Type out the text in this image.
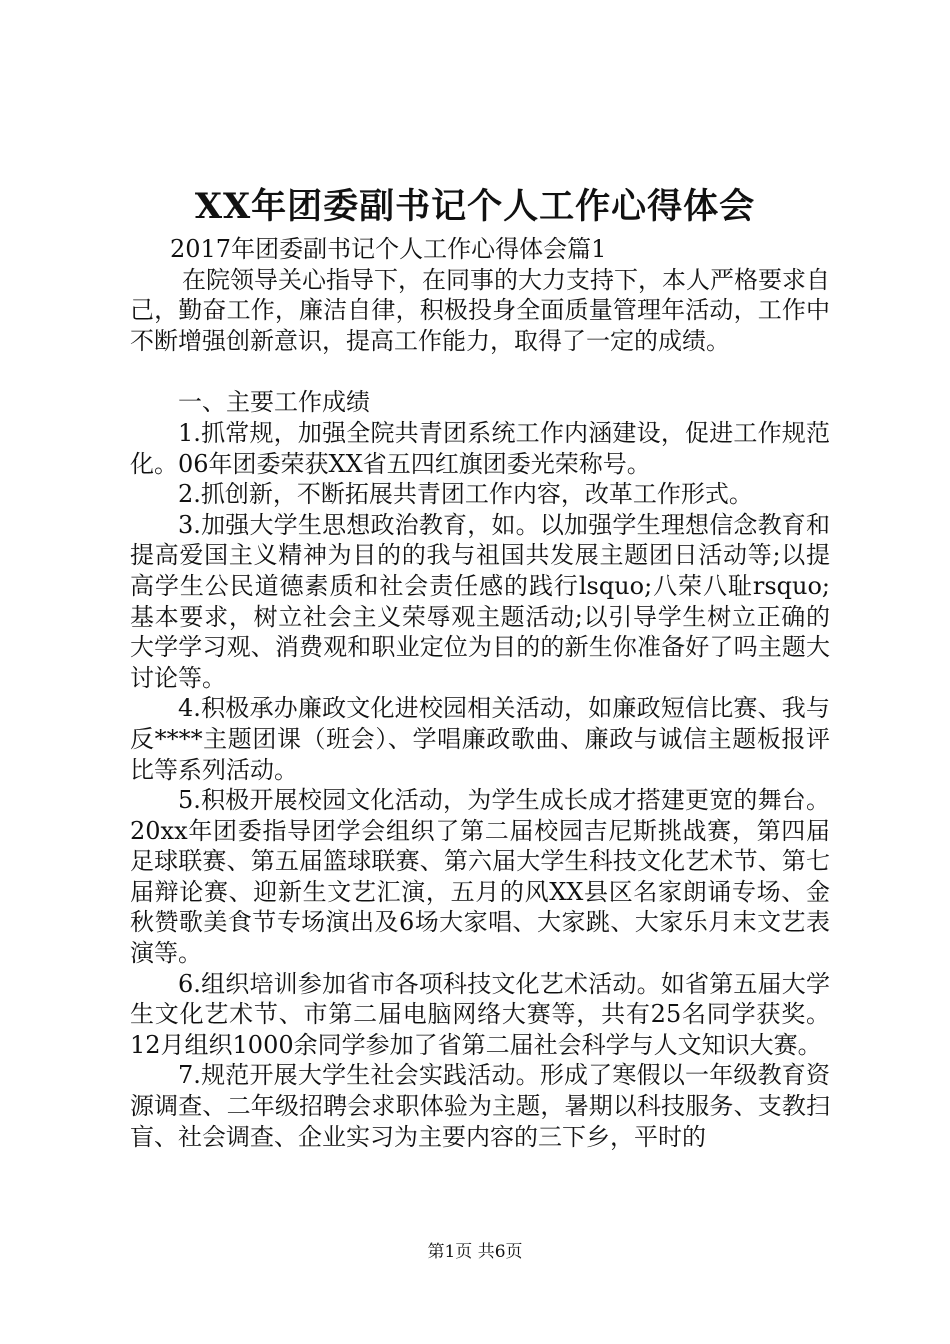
XX年团委副书记个人工作心得体会

2017年团委副书记个人工作心得体会篇1

在院领导关心指导下，在同事的大力支持下，本人严格要求自己，勤奋工作，廉洁自律，积极投身全面质量管理年活动，工作中不断增强创新意识，提高工作能力，取得了一定的成绩。

一、主要工作成绩

1.抓常规，加强全院共青团系统工作内涵建设，促进工作规范化。06年团委荣获XX省五四红旗团委光荣称号。

2.抓创新，不断拓展共青团工作内容，改革工作形式。

3.加强大学生思想政治教育，如。以加强学生理想信念教育和提高爱国主义精神为目的的我与祖国共发展主题团日活动等;以提高学生公民道德素质和社会责任感的践行lsquo;八荣八耻rsquo;基本要求，树立社会主义荣辱观主题活动;以引导学生树立正确的大学学习观、消费观和职业定位为目的的新生你准备好了吗主题大讨论等。

4.积极承办廉政文化进校园相关活动，如廉政短信比赛、我与反****主题团课（班会）、学唱廉政歌曲、廉政与诚信主题板报评比等系列活动。

5.积极开展校园文化活动，为学生成长成才搭建更宽的舞台。20xx年团委指导团学会组织了第二届校园吉尼斯挑战赛，第四届足球联赛、第五届篮球联赛、第六届大学生科技文化艺术节、第七届辩论赛、迎新生文艺汇演，五月的风XX县区名家朗诵专场、金秋赞歌美食节专场演出及6场大家唱、大家跳、大家乐月末文艺表演等。

6.组织培训参加省市各项科技文化艺术活动。如省第五届大学生文化艺术节、市第二届电脑网络大赛等，共有25名同学获奖。12月组织1000余同学参加了省第二届社会科学与人文知识大赛。

7.规范开展大学生社会实践活动。形成了寒假以一年级教育资源调查、二年级招聘会求职体验为主题，暑期以科技服务、支教扫盲、社会调查、企业实习为主要内容的三下乡，平时的

第1页 共6页
